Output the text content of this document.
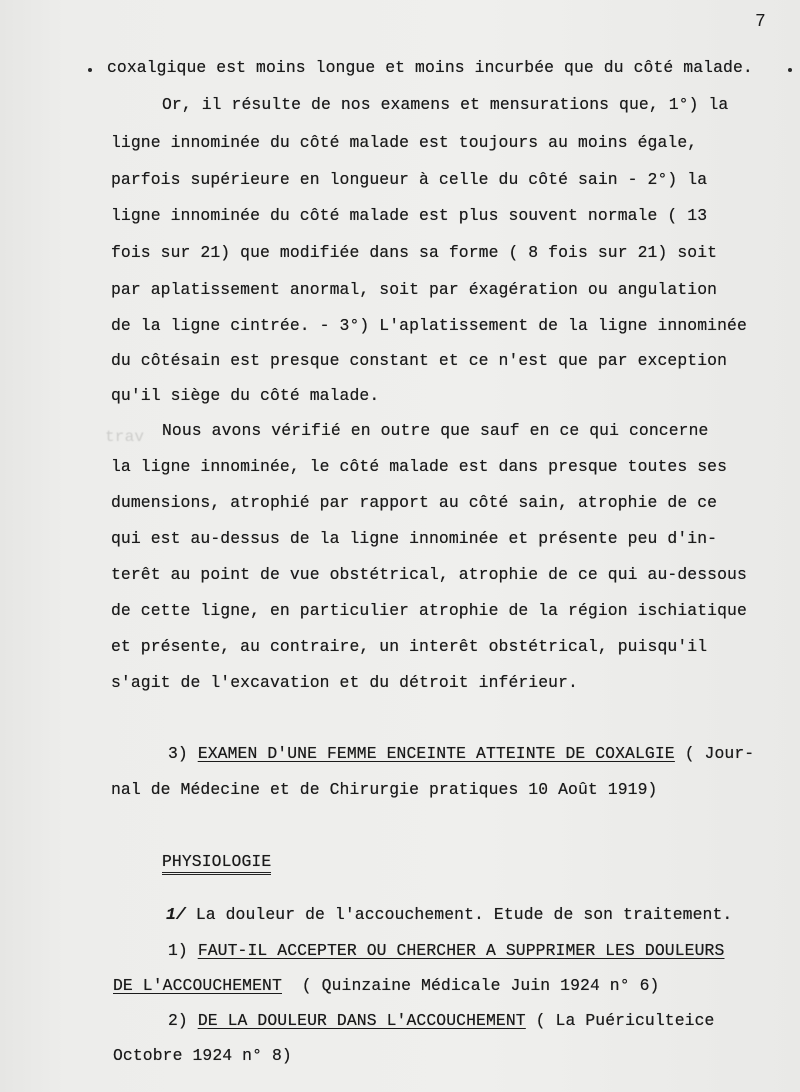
trav
7
coxalgique est moins longue et moins incurbée que du côté malade.
Or, il résulte de nos examens et mensurations que, 1°) la
ligne innominée du côté malade est toujours au moins égale,
parfois supérieure en longueur à celle du côté sain - 2°) la
ligne innominée du côté malade est plus souvent normale ( 13
fois sur 21) que modifiée dans sa forme ( 8 fois sur 21) soit
par aplatissement anormal, soit par éxagération ou angulation
de la ligne cintrée. - 3°) L'aplatissement de la ligne innominée
du côtésain est presque constant et ce n'est que par exception
qu'il siège du côté malade.
Nous avons vérifié en outre que sauf en ce qui concerne
la ligne innominée, le côté malade est dans presque toutes ses
dumensions, atrophié par rapport au côté sain, atrophie de ce
qui est au-dessus de la ligne innominée et présente peu d'in-
terêt au point de vue obstétrical, atrophie de ce qui au-dessous
de cette ligne, en particulier atrophie de la région ischiatique
et présente, au contraire, un interêt obstétrical, puisqu'il
s'agit de l'excavation et du détroit inférieur.
3) EXAMEN D'UNE FEMME ENCEINTE ATTEINTE DE COXALGIE ( Jour-
nal de Médecine et de Chirurgie pratiques 10 Août 1919)
PHYSIOLOGIE
1/ La douleur de l'accouchement. Etude de son traitement.
1) FAUT-IL ACCEPTER OU CHERCHER A SUPPRIMER LES DOULEURS
DE L'ACCOUCHEMENT ( Quinzaine Médicale Juin 1924 n° 6)
2) DE LA DOULEUR DANS L'ACCOUCHEMENT ( La Puériculteice
Octobre 1924 n° 8)
